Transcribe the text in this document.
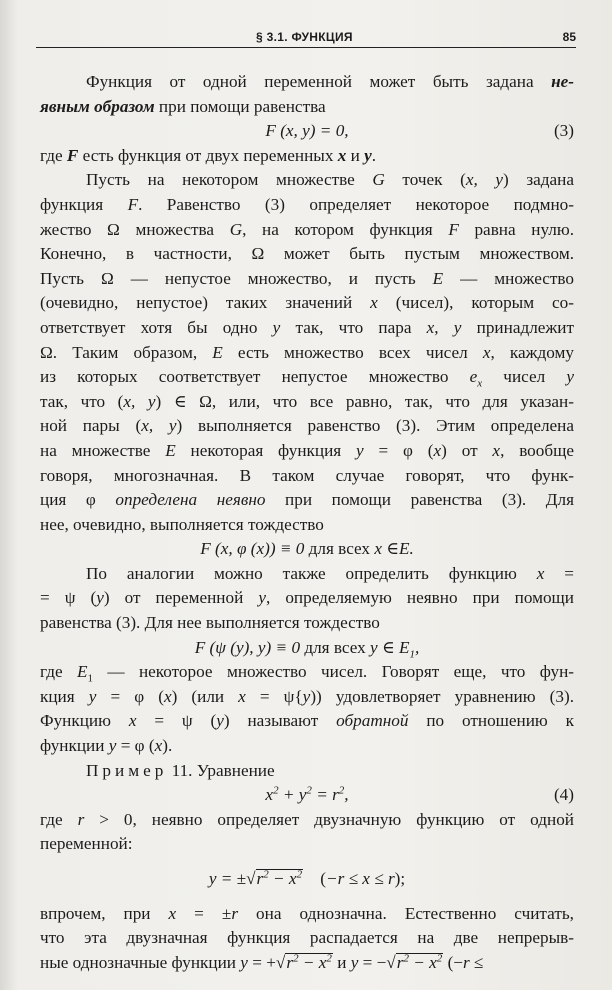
§ 3.1. ФУНКЦИЯ	85

Функция от одной переменной может быть задана не-

явным образом при помощи равенства

F (x, y) = 0,	(3)

где F есть функция от двух переменных x и y.

Пусть на некотором множестве G точек (x, y) задана

функция F. Равенство (3) определяет некоторое подмно-

жество Ω множества G, на котором функция F равна нулю.

Конечно, в частности, Ω может быть пустым множеством.

Пусть Ω — непустое множество, и пусть E — множество

(очевидно, непустое) таких значений x (чисел), которым со-

ответствует хотя бы одно y так, что пара x, y принадлежит

Ω. Таким образом, E есть множество всех чисел x, каждому

из которых соответствует непустое множество $e_x$ чисел y

так, что (x, y) ∈ Ω, или, что все равно, так, что для указан-

ной пары (x, y) выполняется равенство (3). Этим определена

на множестве E некоторая функция y = φ (x) от x, вообще

говоря, многозначная. В таком случае говорят, что функ-

ция φ определена неявно при помощи равенства (3). Для

нее, очевидно, выполняется тождество

F (x, φ (x)) ≡ 0 для всех x ∈E.

По аналогии можно также определить функцию x =

= ψ (y) от переменной y, определяемую неявно при помощи

равенства (3). Для нее выполняется тождество

F (ψ (y), y) ≡ 0 для всех y ∈ $E_1$,

где $E_1$ — некоторое множество чисел. Говорят еще, что фун-

кция y = φ (x) (или x = ψ{y)) удовлетворяет уравнению (3).

Функцию x = ψ (y) называют обратной по отношению к

функции y = φ (x).

Пример 11. Уравнение

$x^2 + y^2 = r^2$,	(4)

где r > 0, неявно определяет двузначную функцию от одной

переменной:

$y = \pm√r^2 - x^2$ (−r ≤ x ≤ r);

впрочем, при x = ±r она однозначна. Естественно считать,

что эта двузначная функция распадается на две непрерыв-

ные однозначные функции $y = +√r^2 - x^2$ и $y = -√r^2 - x^2$ (−r ≤
